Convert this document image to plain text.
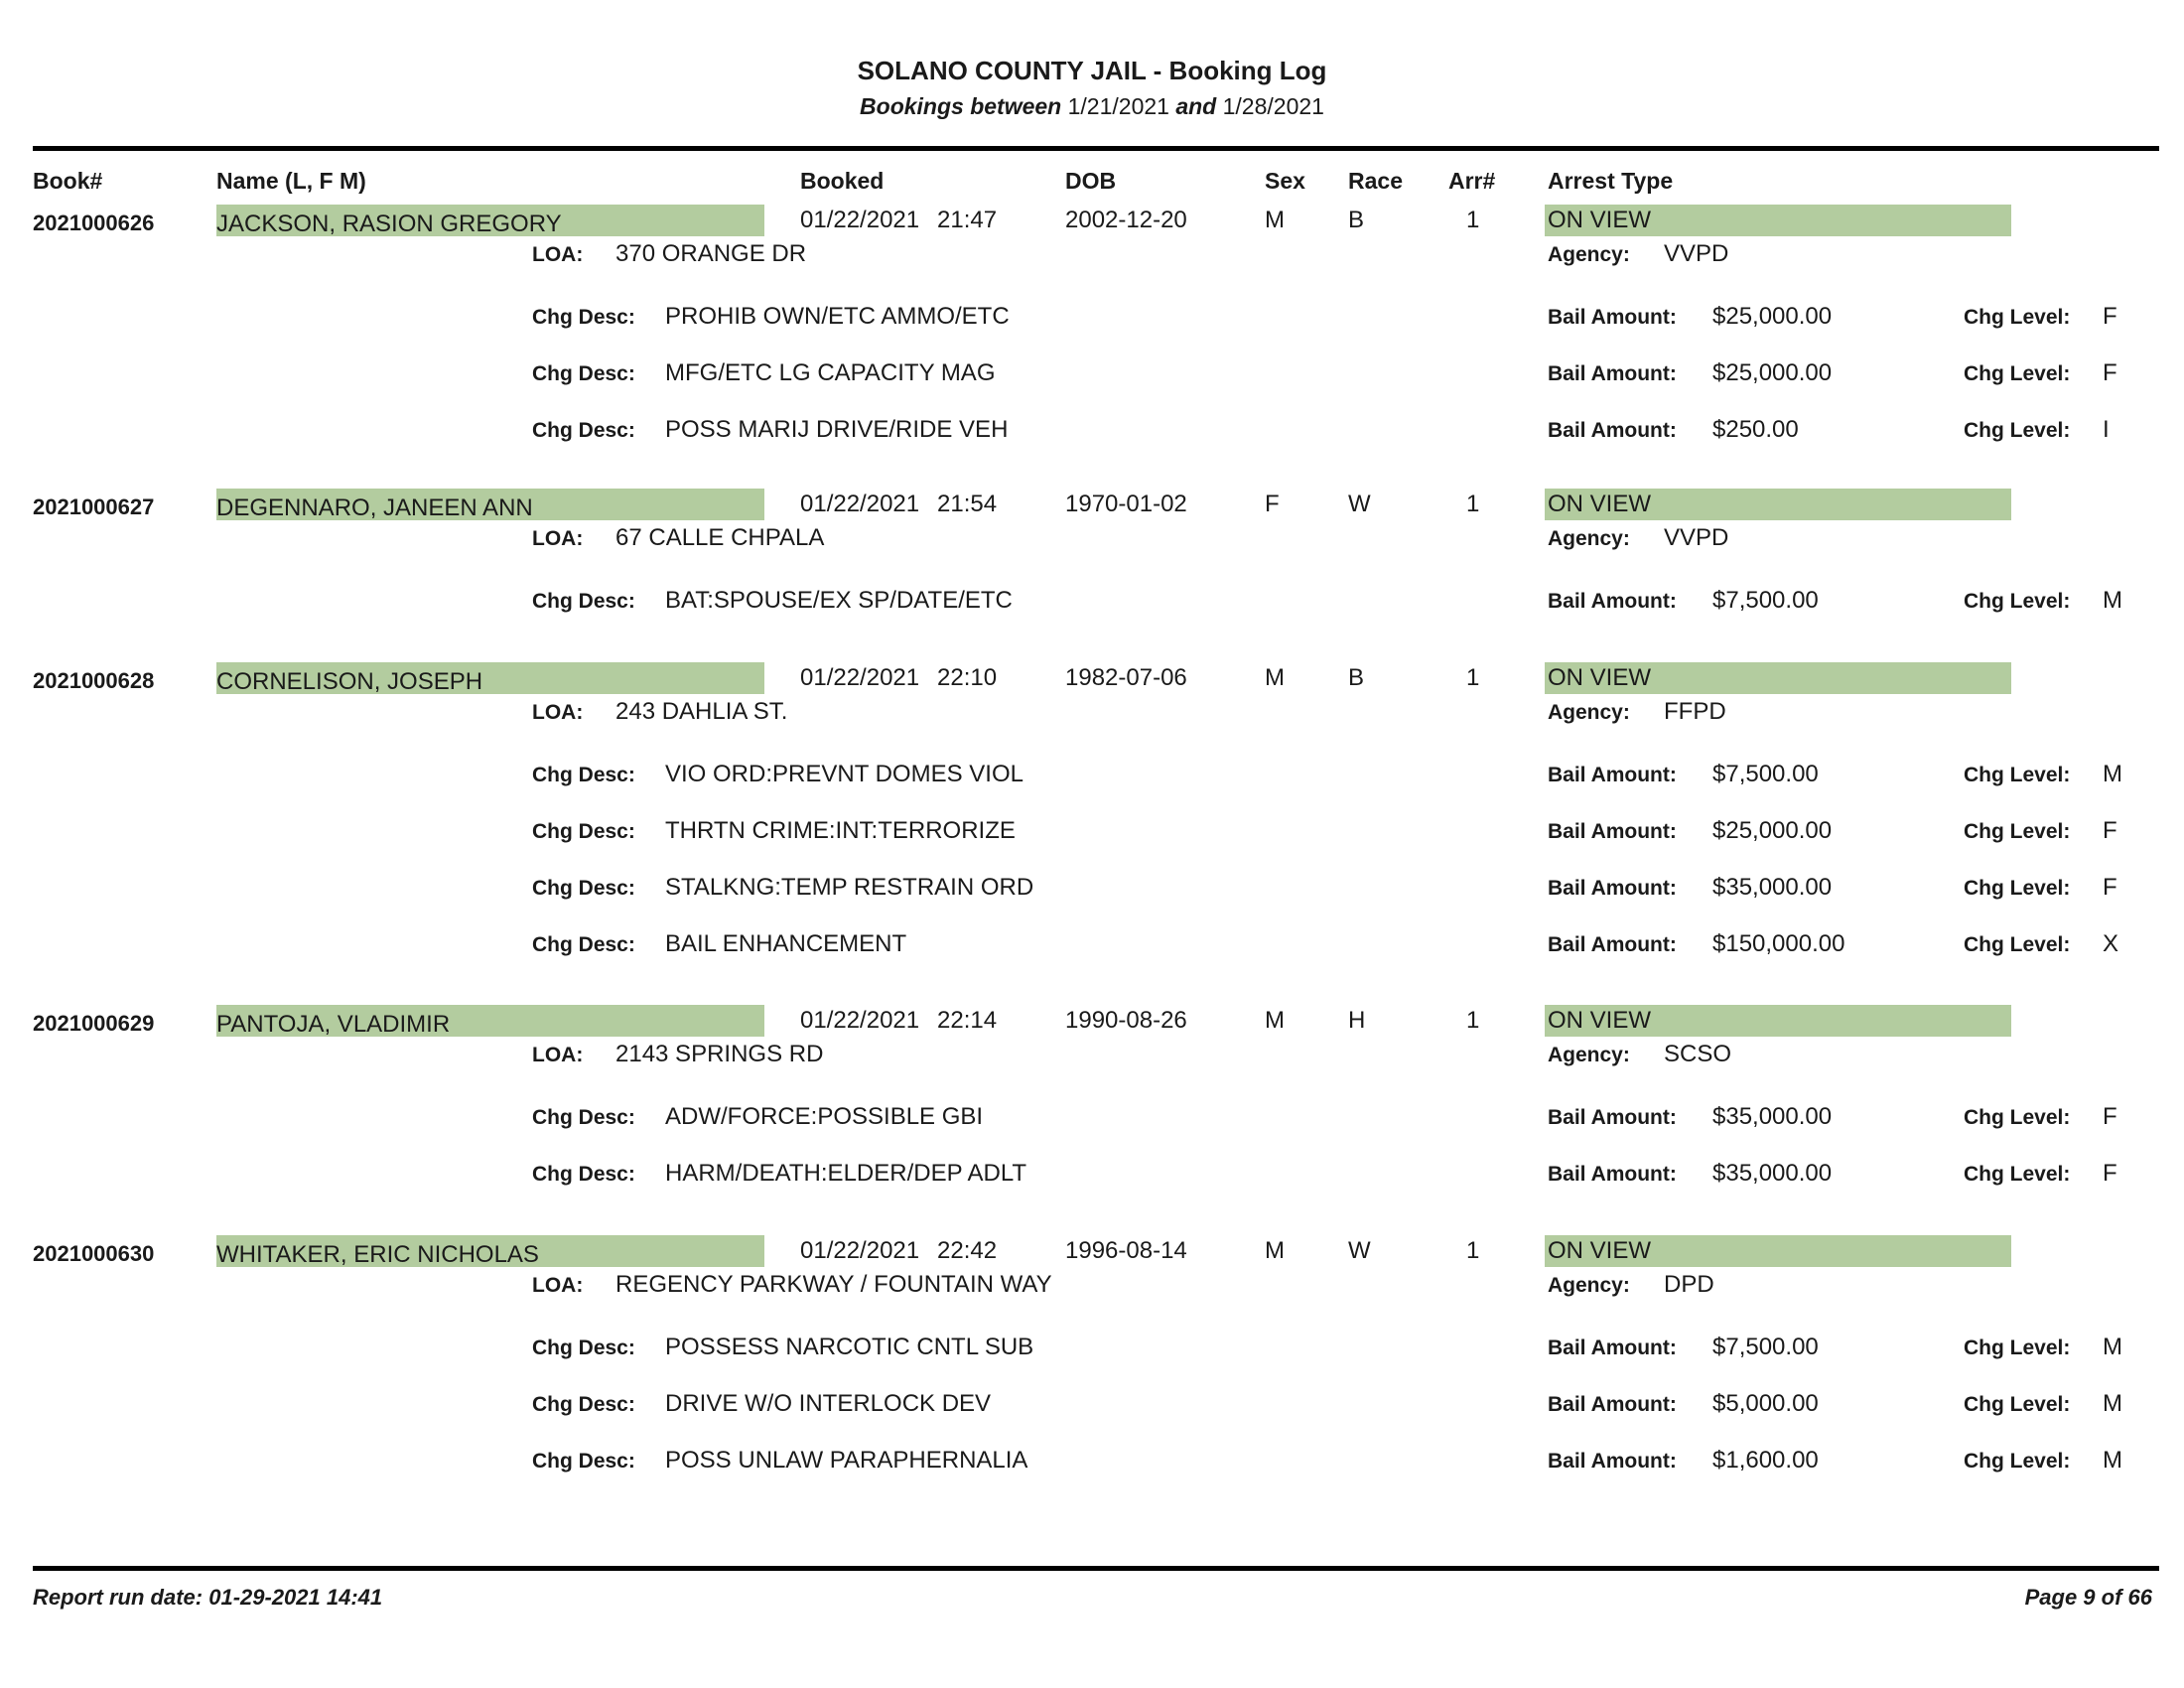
SOLANO COUNTY JAIL - Booking Log
Bookings between 1/21/2021 and 1/28/2021
Book#	Name (L, F M)	Booked	DOB	Sex Race Arr# Arrest Type
2021000626	JACKSON, RASION GREGORY	01/22/2021 21:47	2002-12-20	M	B	1	ON VIEW
LOA: 370 ORANGE DR	Agency: VVPD
Chg Desc: PROHIB OWN/ETC AMMO/ETC	Bail Amount: $25,000.00	Chg Level: F
Chg Desc: MFG/ETC LG CAPACITY MAG	Bail Amount: $25,000.00	Chg Level: F
Chg Desc: POSS MARIJ DRIVE/RIDE VEH	Bail Amount: $250.00	Chg Level: I
2021000627	DEGENNARO, JANEEN ANN	01/22/2021 21:54	1970-01-02	F	W	1	ON VIEW
LOA: 67 CALLE CHPALA	Agency: VVPD
Chg Desc: BAT:SPOUSE/EX SP/DATE/ETC	Bail Amount: $7,500.00	Chg Level: M
2021000628	CORNELISON, JOSEPH	01/22/2021 22:10	1982-07-06	M	B	1	ON VIEW
LOA: 243 DAHLIA ST.	Agency: FFPD
Chg Desc: VIO ORD:PREVNT DOMES VIOL	Bail Amount: $7,500.00	Chg Level: M
Chg Desc: THRTN CRIME:INT:TERRORIZE	Bail Amount: $25,000.00	Chg Level: F
Chg Desc: STALKNG:TEMP RESTRAIN ORD	Bail Amount: $35,000.00	Chg Level: F
Chg Desc: BAIL ENHANCEMENT	Bail Amount: $150,000.00	Chg Level: X
2021000629	PANTOJA, VLADIMIR	01/22/2021 22:14	1990-08-26	M	H	1	ON VIEW
LOA: 2143 SPRINGS RD	Agency: SCSO
Chg Desc: ADW/FORCE:POSSIBLE GBI	Bail Amount: $35,000.00	Chg Level: F
Chg Desc: HARM/DEATH:ELDER/DEP ADLT	Bail Amount: $35,000.00	Chg Level: F
2021000630	WHITAKER, ERIC NICHOLAS	01/22/2021 22:42	1996-08-14	M	W	1	ON VIEW
LOA: REGENCY PARKWAY / FOUNTAIN WAY	Agency: DPD
Chg Desc: POSSESS NARCOTIC CNTL SUB	Bail Amount: $7,500.00	Chg Level: M
Chg Desc: DRIVE W/O INTERLOCK DEV	Bail Amount: $5,000.00	Chg Level: M
Chg Desc: POSS UNLAW PARAPHERNALIA	Bail Amount: $1,600.00	Chg Level: M
Report run date: 01-29-2021 14:41	Page 9 of 66
